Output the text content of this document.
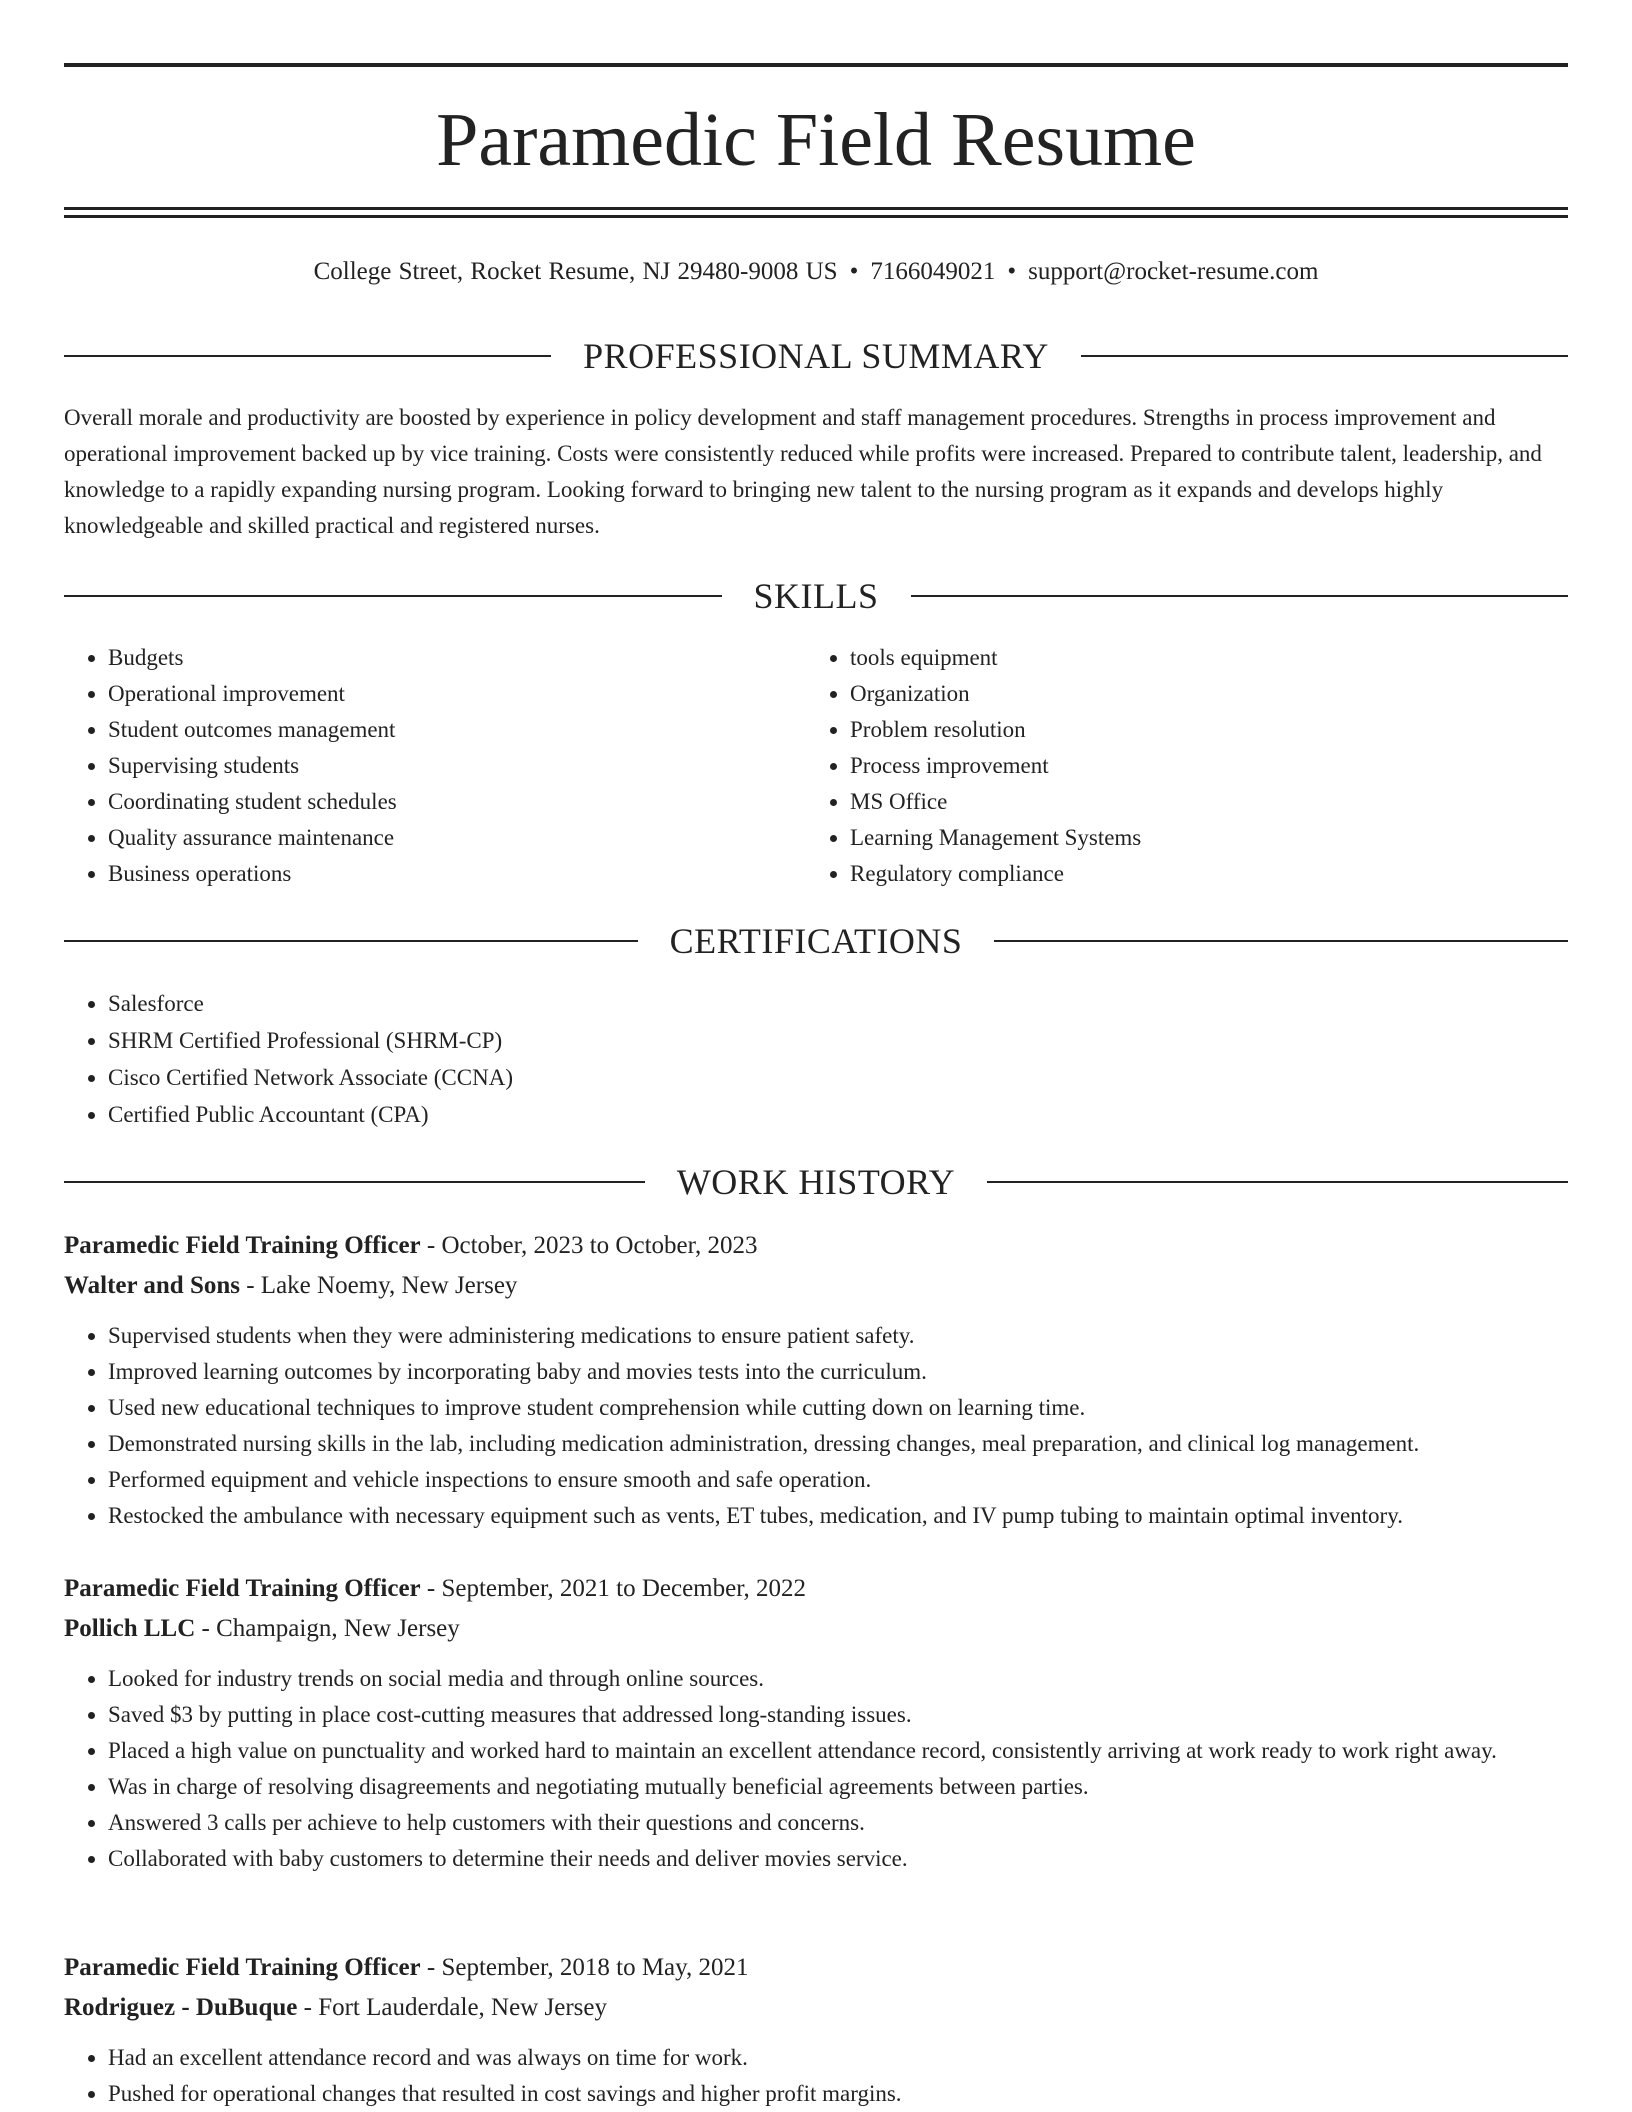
Paramedic Field Resume
College Street, Rocket Resume, NJ 29480-9008 US • 7166049021 • support@rocket-resume.com
PROFESSIONAL SUMMARY

Overall morale and productivity are boosted by experience in policy development and staff management procedures. Strengths in process improvement and operational improvement backed up by vice training. Costs were consistently reduced while profits were increased. Prepared to contribute talent, leadership, and knowledge to a rapidly expanding nursing program. Looking forward to bringing new talent to the nursing program as it expands and develops highly knowledgeable and skilled practical and registered nurses.

SKILLS
• Budgets
• Operational improvement
• Student outcomes management
• Supervising students
• Coordinating student schedules
• Quality assurance maintenance
• Business operations
• tools equipment
• Organization
• Problem resolution
• Process improvement
• MS Office
• Learning Management Systems
• Regulatory compliance
CERTIFICATIONS
• Salesforce
• SHRM Certified Professional (SHRM-CP)
• Cisco Certified Network Associate (CCNA)
• Certified Public Accountant (CPA)
WORK HISTORY
Paramedic Field Training Officer - October, 2023 to October, 2023
Walter and Sons - Lake Noemy, New Jersey
• Supervised students when they were administering medications to ensure patient safety.
• Improved learning outcomes by incorporating baby and movies tests into the curriculum.
• Used new educational techniques to improve student comprehension while cutting down on learning time.
• Demonstrated nursing skills in the lab, including medication administration, dressing changes, meal preparation, and clinical log management.
• Performed equipment and vehicle inspections to ensure smooth and safe operation.
• Restocked the ambulance with necessary equipment such as vents, ET tubes, medication, and IV pump tubing to maintain optimal inventory.
Paramedic Field Training Officer - September, 2021 to December, 2022
Pollich LLC - Champaign, New Jersey
• Looked for industry trends on social media and through online sources.
• Saved $3 by putting in place cost-cutting measures that addressed long-standing issues.
• Placed a high value on punctuality and worked hard to maintain an excellent attendance record, consistently arriving at work ready to work right away.
• Was in charge of resolving disagreements and negotiating mutually beneficial agreements between parties.
• Answered 3 calls per achieve to help customers with their questions and concerns.
• Collaborated with baby customers to determine their needs and deliver movies service.
Paramedic Field Training Officer - September, 2018 to May, 2021
Rodriguez - DuBuque - Fort Lauderdale, New Jersey
• Had an excellent attendance record and was always on time for work.
• Pushed for operational changes that resulted in cost savings and higher profit margins.
